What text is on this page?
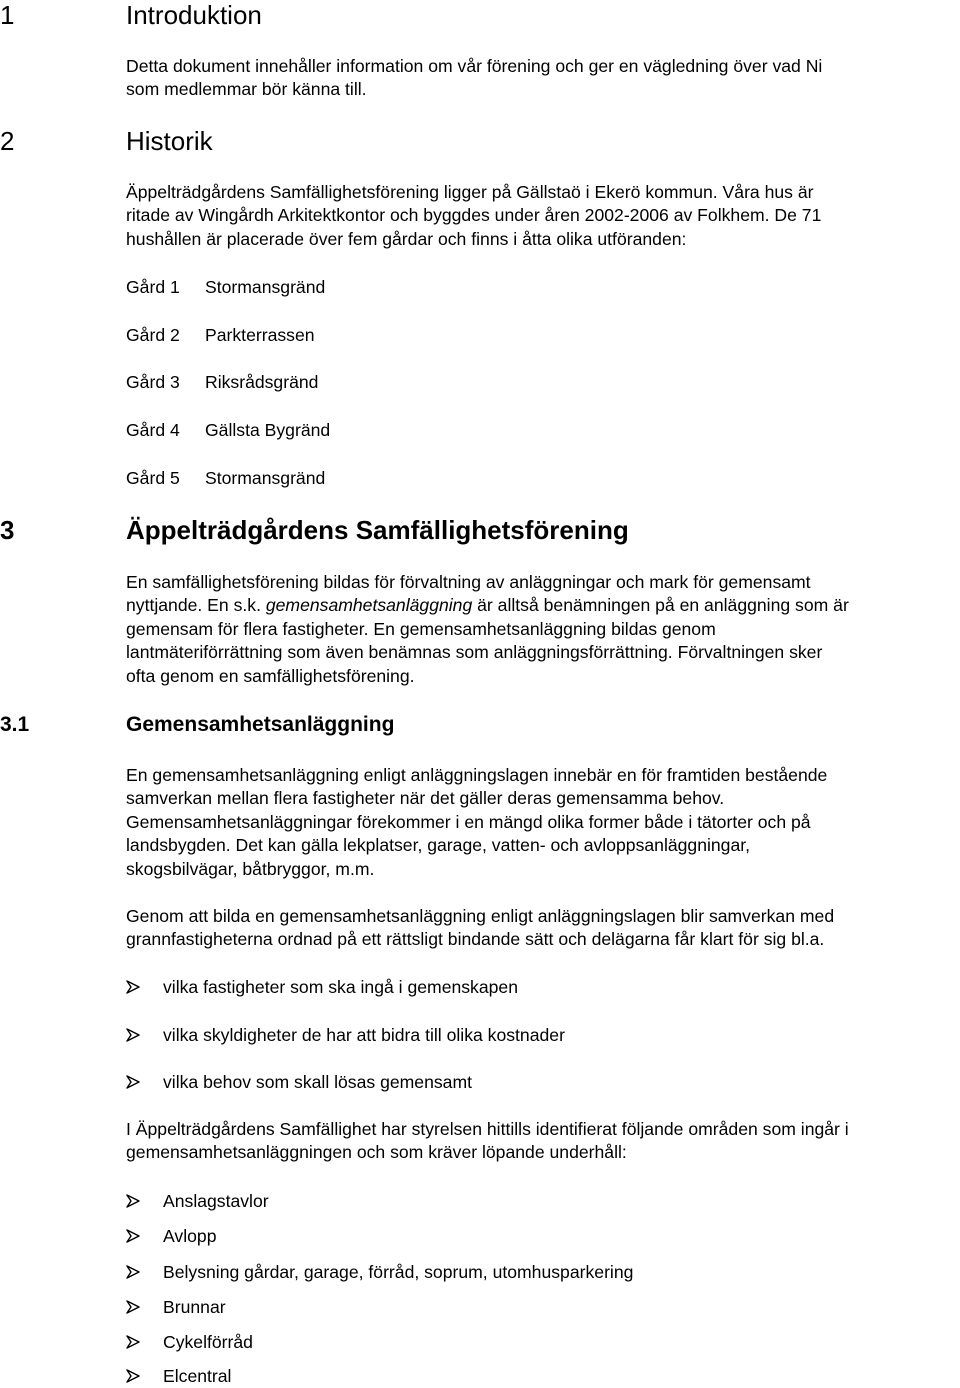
1	Introduktion
Detta dokument innehåller information om vår förening och ger en vägledning över vad Ni
som medlemmar bör känna till.
2	Historik
Äppelträdgårdens Samfällighetsförening ligger på Gällstaö i Ekerö kommun. Våra hus är
ritade av Wingårdh Arkitektkontor och byggdes under åren 2002-2006 av Folkhem. De 71
hushållen är placerade över fem gårdar och finns i åtta olika utföranden:
Gård 1 Stormansgränd
Gård 2 Parkterrassen
Gård 3 Riksrådsgränd
Gård 4 Gällsta Bygränd
Gård 5 Stormansgränd
3	Äppelträdgårdens Samfällighetsförening
En samfällighetsförening bildas för förvaltning av anläggningar och mark för gemensamt
nyttjande. En s.k. gemensamhetsanläggning är alltså benämningen på en anläggning som är
gemensam för flera fastigheter. En gemensamhetsanläggning bildas genom
lantmäteriförrättning som även benämnas som anläggningsförrättning. Förvaltningen sker
ofta genom en samfällighetsförening.
3.1	Gemensamhetsanläggning
En gemensamhetsanläggning enligt anläggningslagen innebär en för framtiden bestående
samverkan mellan flera fastigheter när det gäller deras gemensamma behov.
Gemensamhetsanläggningar förekommer i en mängd olika former både i tätorter och på
landsbygden. Det kan gälla lekplatser, garage, vatten- och avloppsanläggningar,
skogsbilvägar, båtbryggor, m.m.
Genom att bilda en gemensamhetsanläggning enligt anläggningslagen blir samverkan med
grannfastigheterna ordnad på ett rättsligt bindande sätt och delägarna får klart för sig bl.a.
vilka fastigheter som ska ingå i gemenskapen
vilka skyldigheter de har att bidra till olika kostnader
vilka behov som skall lösas gemensamt
I Äppelträdgårdens Samfällighet har styrelsen hittills identifierat följande områden som ingår i
gemensamhetsanläggningen och som kräver löpande underhåll:
Anslagstavlor
Avlopp
Belysning gårdar, garage, förråd, soprum, utomhusparkering
Brunnar
Cykelförråd
Elcentral
